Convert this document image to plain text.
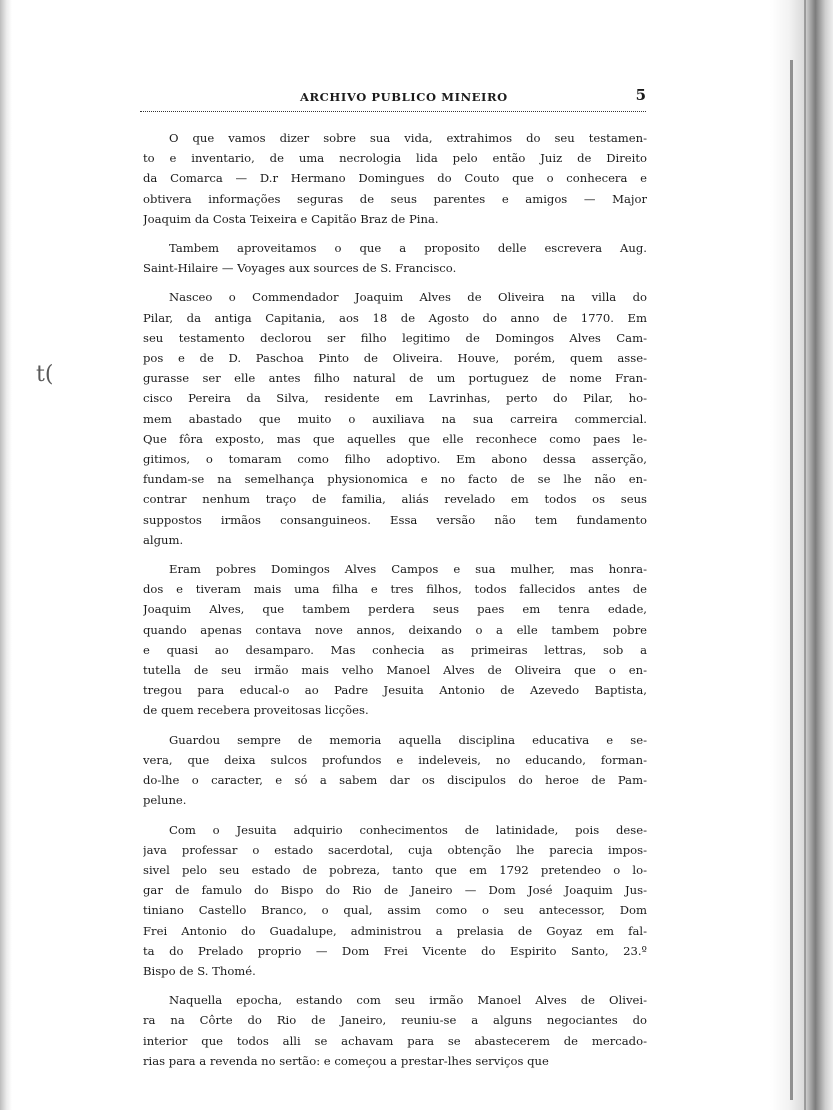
t(
ARCHIVO PUBLICO MINEIRO	5
O que vamos dizer sobre sua vida, extrahimos do seu testamen-
to e inventario, de uma necrologia lida pelo então Juiz de Direito
da Comarca — D.r Hermano Domingues do Couto que o conhecera e
obtivera informações seguras de seus parentes e amigos — Major
Joaquim da Costa Teixeira e Capitão Braz de Pina.
Tambem aproveitamos o que a proposito delle escrevera Aug.
Saint-Hilaire — Voyages aux sources de S. Francisco.
Nasceo o Commendador Joaquim Alves de Oliveira na villa do
Pilar, da antiga Capitania, aos 18 de Agosto do anno de 1770. Em
seu testamento declorou ser filho legitimo de Domingos Alves Cam-
pos e de D. Paschoa Pinto de Oliveira. Houve, porém, quem asse-
gurasse ser elle antes filho natural de um portuguez de nome Fran-
cisco Pereira da Silva, residente em Lavrinhas, perto do Pilar, ho-
mem abastado que muito o auxiliava na sua carreira commercial.
Que fôra exposto, mas que aquelles que elle reconhece como paes le-
gitimos, o tomaram como filho adoptivo. Em abono dessa asserção,
fundam-se na semelhança physionomica e no facto de se lhe não en-
contrar nenhum traço de familia, aliás revelado em todos os seus
suppostos irmãos consanguineos. Essa versão não tem fundamento
algum.
Eram pobres Domingos Alves Campos e sua mulher, mas honra-
dos e tiveram mais uma filha e tres filhos, todos fallecidos antes de
Joaquim Alves, que tambem perdera seus paes em tenra edade,
quando apenas contava nove annos, deixando o a elle tambem pobre
e quasi ao desamparo. Mas conhecia as primeiras lettras, sob a
tutella de seu irmão mais velho Manoel Alves de Oliveira que o en-
tregou para educal-o ao Padre Jesuita Antonio de Azevedo Baptista,
de quem recebera proveitosas licções.
Guardou sempre de memoria aquella disciplina educativa e se-
vera, que deixa sulcos profundos e indeleveis, no educando, forman-
do-lhe o caracter, e só a sabem dar os discipulos do heroe de Pam-
pelune.
Com o Jesuita adquirio conhecimentos de latinidade, pois dese-
java professar o estado sacerdotal, cuja obtenção lhe parecia impos-
sivel pelo seu estado de pobreza, tanto que em 1792 pretendeo o lo-
gar de famulo do Bispo do Rio de Janeiro — Dom José Joaquim Jus-
tiniano Castello Branco, o qual, assim como o seu antecessor, Dom
Frei Antonio do Guadalupe, administrou a prelasia de Goyaz em fal-
ta do Prelado proprio — Dom Frei Vicente do Espirito Santo, 23.º
Bispo de S. Thomé.
Naquella epocha, estando com seu irmão Manoel Alves de Olivei-
ra na Côrte do Rio de Janeiro, reuniu-se a alguns negociantes do
interior que todos alli se achavam para se abastecerem de mercado-
rias para a revenda no sertão: e começou a prestar-lhes serviços que
